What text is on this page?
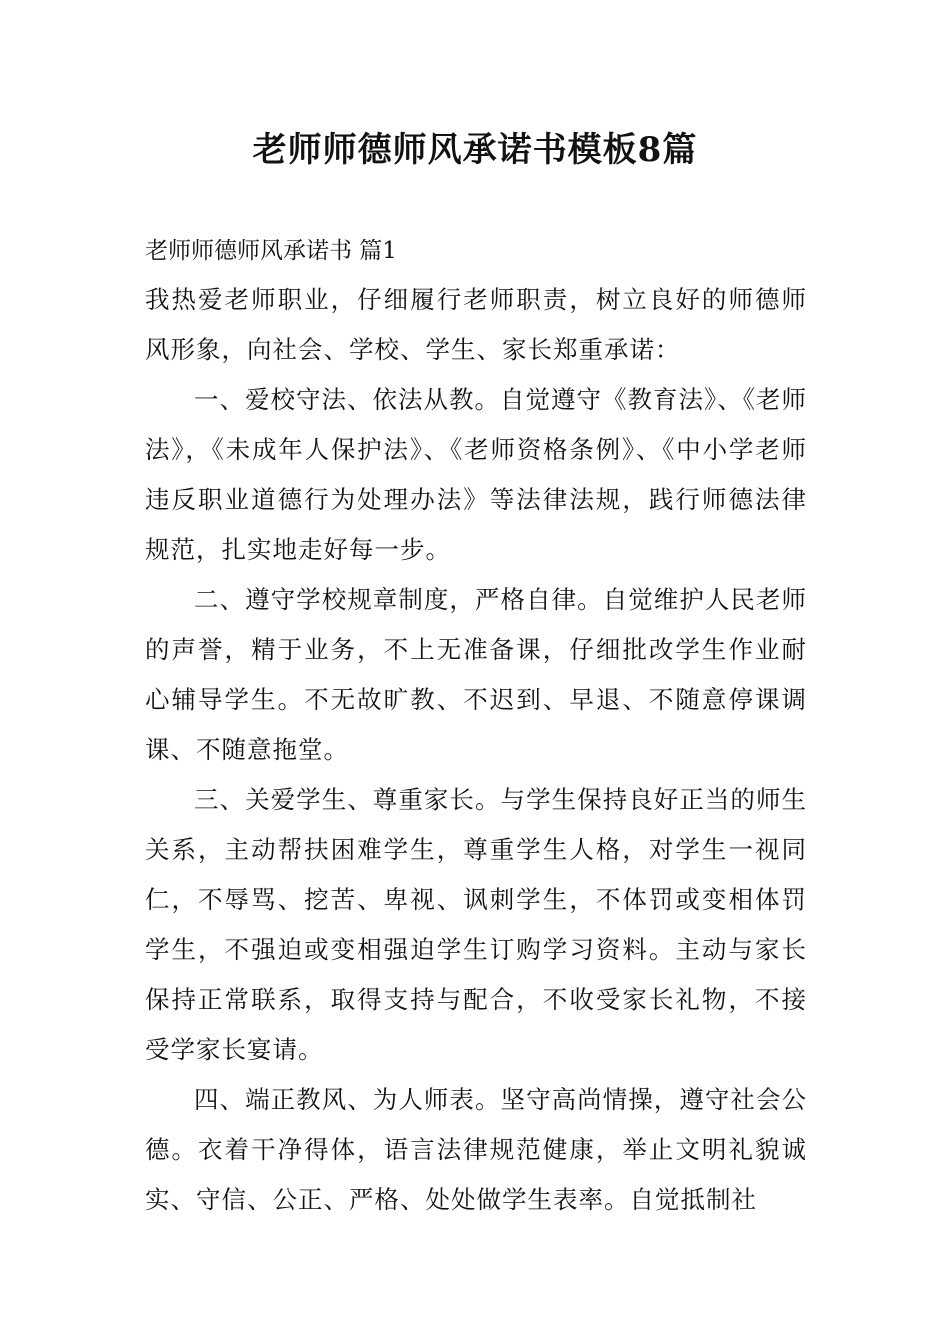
老师师德师风承诺书模板8篇
老师师德师风承诺书 篇1

我热爱老师职业，仔细履行老师职责，树立良好的师德师风形象，向社会、学校、学生、家长郑重承诺：

一、爱校守法、依法从教。自觉遵守《教育法》、《老师法》，《未成年人保护法》、《老师资格条例》、《中小学老师违反职业道德行为处理办法》等法律法规，践行师德法律规范，扎实地走好每一步。

二、遵守学校规章制度，严格自律。自觉维护人民老师的声誉，精于业务，不上无准备课，仔细批改学生作业耐心辅导学生。不无故旷教、不迟到、早退、不随意停课调课、不随意拖堂。

三、关爱学生、尊重家长。与学生保持良好正当的师生关系，主动帮扶困难学生，尊重学生人格，对学生一视同仁，不辱骂、挖苦、卑视、讽刺学生，不体罚或变相体罚学生，不强迫或变相强迫学生订购学习资料。主动与家长保持正常联系，取得支持与配合，不收受家长礼物，不接受学家长宴请。

四、端正教风、为人师表。坚守高尚情操，遵守社会公德。衣着干净得体，语言法律规范健康，举止文明礼貌诚实、守信、公正、严格、处处做学生表率。自觉抵制社
